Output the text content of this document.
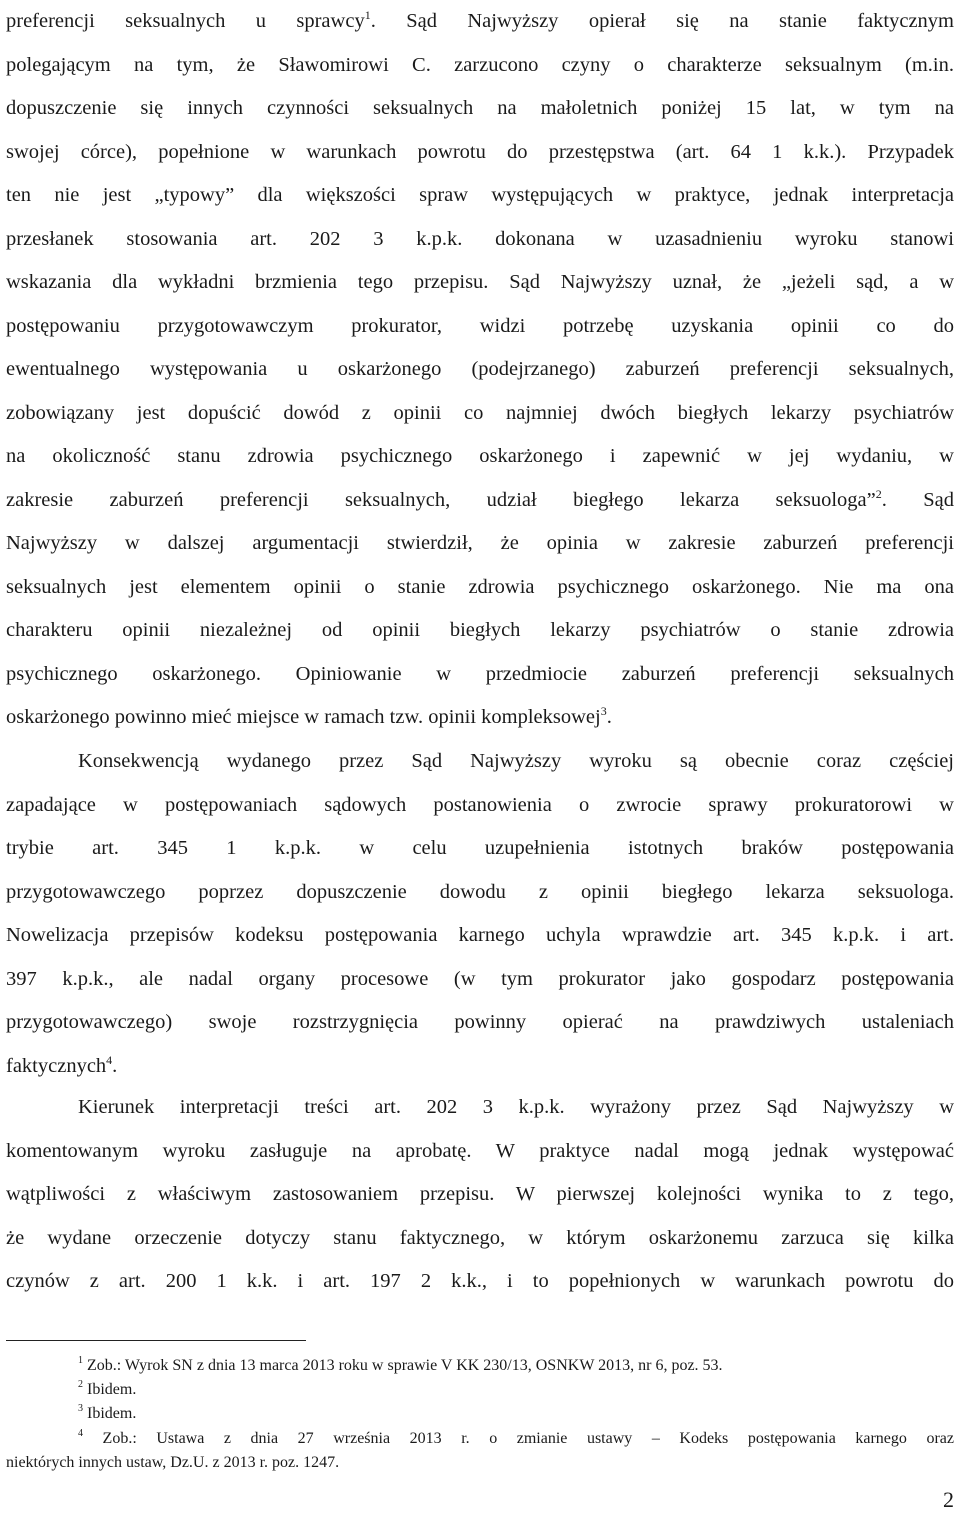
preferencji seksualnych u sprawcy$^1$. Sąd Najwyższy opierał się na stanie faktycznym
polegającym na tym, że Sławomirowi C. zarzucono czyny o charakterze seksualnym (m.in.
dopuszczenie się innych czynności seksualnych na małoletnich poniżej 15 lat, w tym na
swojej córce), popełnione w warunkach powrotu do przestępstwa (art. 64 1 k.k.). Przypadek
ten nie jest „typowy” dla większości spraw występujących w praktyce, jednak interpretacja
przesłanek stosowania art. 202 3 k.p.k. dokonana w uzasadnieniu wyroku stanowi
wskazania dla wykładni brzmienia tego przepisu. Sąd Najwyższy uznał, że „jeżeli sąd, a w
postępowaniu przygotowawczym prokurator, widzi potrzebę uzyskania opinii co do
ewentualnego występowania u oskarżonego (podejrzanego) zaburzeń preferencji seksualnych,
zobowiązany jest dopuścić dowód z opinii co najmniej dwóch biegłych lekarzy psychiatrów
na okoliczność stanu zdrowia psychicznego oskarżonego i zapewnić w jej wydaniu, w
zakresie zaburzeń preferencji seksualnych, udział biegłego lekarza seksuologa”$^2$. Sąd
Najwyższy w dalszej argumentacji stwierdził, że opinia w zakresie zaburzeń preferencji
seksualnych jest elementem opinii o stanie zdrowia psychicznego oskarżonego. Nie ma ona
charakteru opinii niezależnej od opinii biegłych lekarzy psychiatrów o stanie zdrowia
psychicznego oskarżonego. Opiniowanie w przedmiocie zaburzeń preferencji seksualnych
oskarżonego powinno mieć miejsce w ramach tzw. opinii kompleksowej$^3$.
Konsekwencją wydanego przez Sąd Najwyższy wyroku są obecnie coraz częściej
zapadające w postępowaniach sądowych postanowienia o zwrocie sprawy prokuratorowi w
trybie art. 345 1 k.p.k. w celu uzupełnienia istotnych braków postępowania
przygotowawczego poprzez dopuszczenie dowodu z opinii biegłego lekarza seksuologa.
Nowelizacja przepisów kodeksu postępowania karnego uchyla wprawdzie art. 345 k.p.k. i art.
397 k.p.k., ale nadal organy procesowe (w tym prokurator jako gospodarz postępowania
przygotowawczego) swoje rozstrzygnięcia powinny opierać na prawdziwych ustaleniach
faktycznych$^4$.
Kierunek interpretacji treści art. 202 3 k.p.k. wyrażony przez Sąd Najwyższy w
komentowanym wyroku zasługuje na aprobatę. W praktyce nadal mogą jednak występować
wątpliwości z właściwym zastosowaniem przepisu. W pierwszej kolejności wynika to z tego,
że wydane orzeczenie dotyczy stanu faktycznego, w którym oskarżonemu zarzuca się kilka
czynów z art. 200 1 k.k. i art. 197 2 k.k., i to popełnionych w warunkach powrotu do
$^1$ Zob.: Wyrok SN z dnia 13 marca 2013 roku w sprawie V KK 230/13, OSNKW 2013, nr 6, poz. 53.
$^2$ Ibidem.
$^3$ Ibidem.
$^4$ Zob.: Ustawa z dnia 27 września 2013 r. o zmianie ustawy – Kodeks postępowania karnego oraz
niektórych innych ustaw, Dz.U. z 2013 r. poz. 1247.
2
